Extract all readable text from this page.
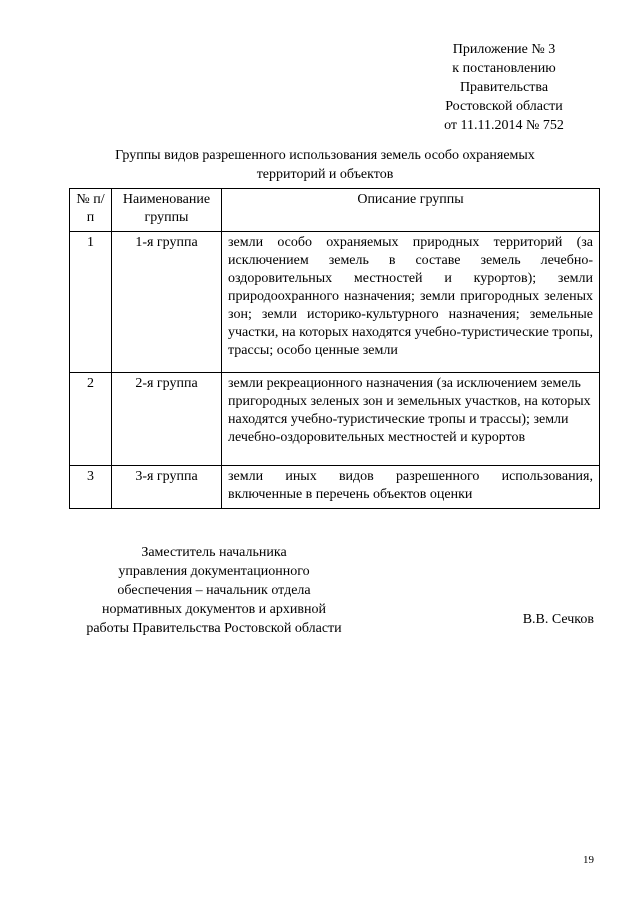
Приложение № 3
к постановлению
Правительства
Ростовской области
от 11.11.2014 № 752
Группы видов разрешенного использования земель особо охраняемых
территорий и объектов
№ п/п	Наименование группы	Описание группы
1	1-я группа	земли особо охраняемых природных территорий (за исключением земель в составе земель лечебно-оздоровительных местностей и курортов); земли природоохранного назначения; земли пригородных зеленых зон; земли историко-культурного назначения; земельные участки, на которых находятся учебно-туристические тропы, трассы; особо ценные земли
2	2-я группа	земли рекреационного назначения (за исключением земель пригородных зеленых зон и земельных участков, на которых находятся учебно-туристические тропы и трассы); земли лечебно-оздоровительных местностей и курортов
3	3-я группа	земли иных видов разрешенного использования, включенные в перечень объектов оценки
Заместитель начальника
управления документационного
обеспечения – начальник отдела
нормативных документов и архивной
работы Правительства Ростовской области
В.В. Сечков
19
